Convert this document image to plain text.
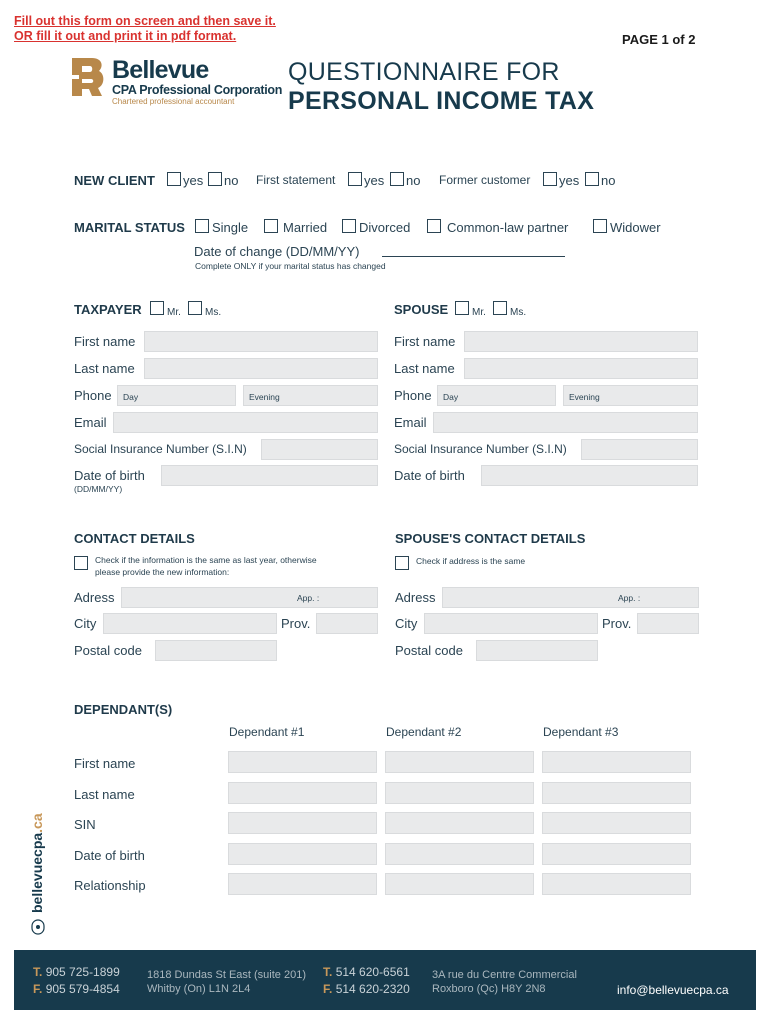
Fill out this form on screen and then save it.
OR fill it out and print it in pdf format.	PAGE 1 of 2
Bellevue
CPA Professional Corporation
Chartered professional accountant
QUESTIONNAIRE FOR
PERSONAL INCOME TAX
NEW CLIENT yes no First statement yes no Former customer yes no
MARITAL STATUS Single	Married Divorced	Common-law partner	Widower
Date of change (DD/MM/YY)
Complete ONLY if your marital status has changed
TAXPAYER	Mr. Ms.
First name
Last name
Phone Day	Evening
Email
Social Insurance Number (S.I.N)
Date of birth
(DD/MM/YY)
SPOUSE Mr. Ms.
First name
Last name
Phone Day	Evening
Email
Social Insurance Number (S.I.N)
Date of birth
CONTACT DETAILS
Check if the information is the same as last year, otherwise
please provide the new information:
Adress	App. :
City	Prov.
Postal code
SPOUSE'S CONTACT DETAILS
Check if address is the same
Adress	App. :
City	Prov.
Postal code
DEPENDANT(S)
Dependant #1	Dependant #2	Dependant #3
First name
Last name
SIN
Date of birth
Relationship
bellevuecpa.ca
T. 905 725-1899
F. 905 579-4854
1818 Dundas St East (suite 201)
Whitby (On) L1N 2L4
T. 514 620-6561
F. 514 620-2320
3A rue du Centre Commercial
Roxboro (Qc) H8Y 2N8	info@bellevuecpa.ca
